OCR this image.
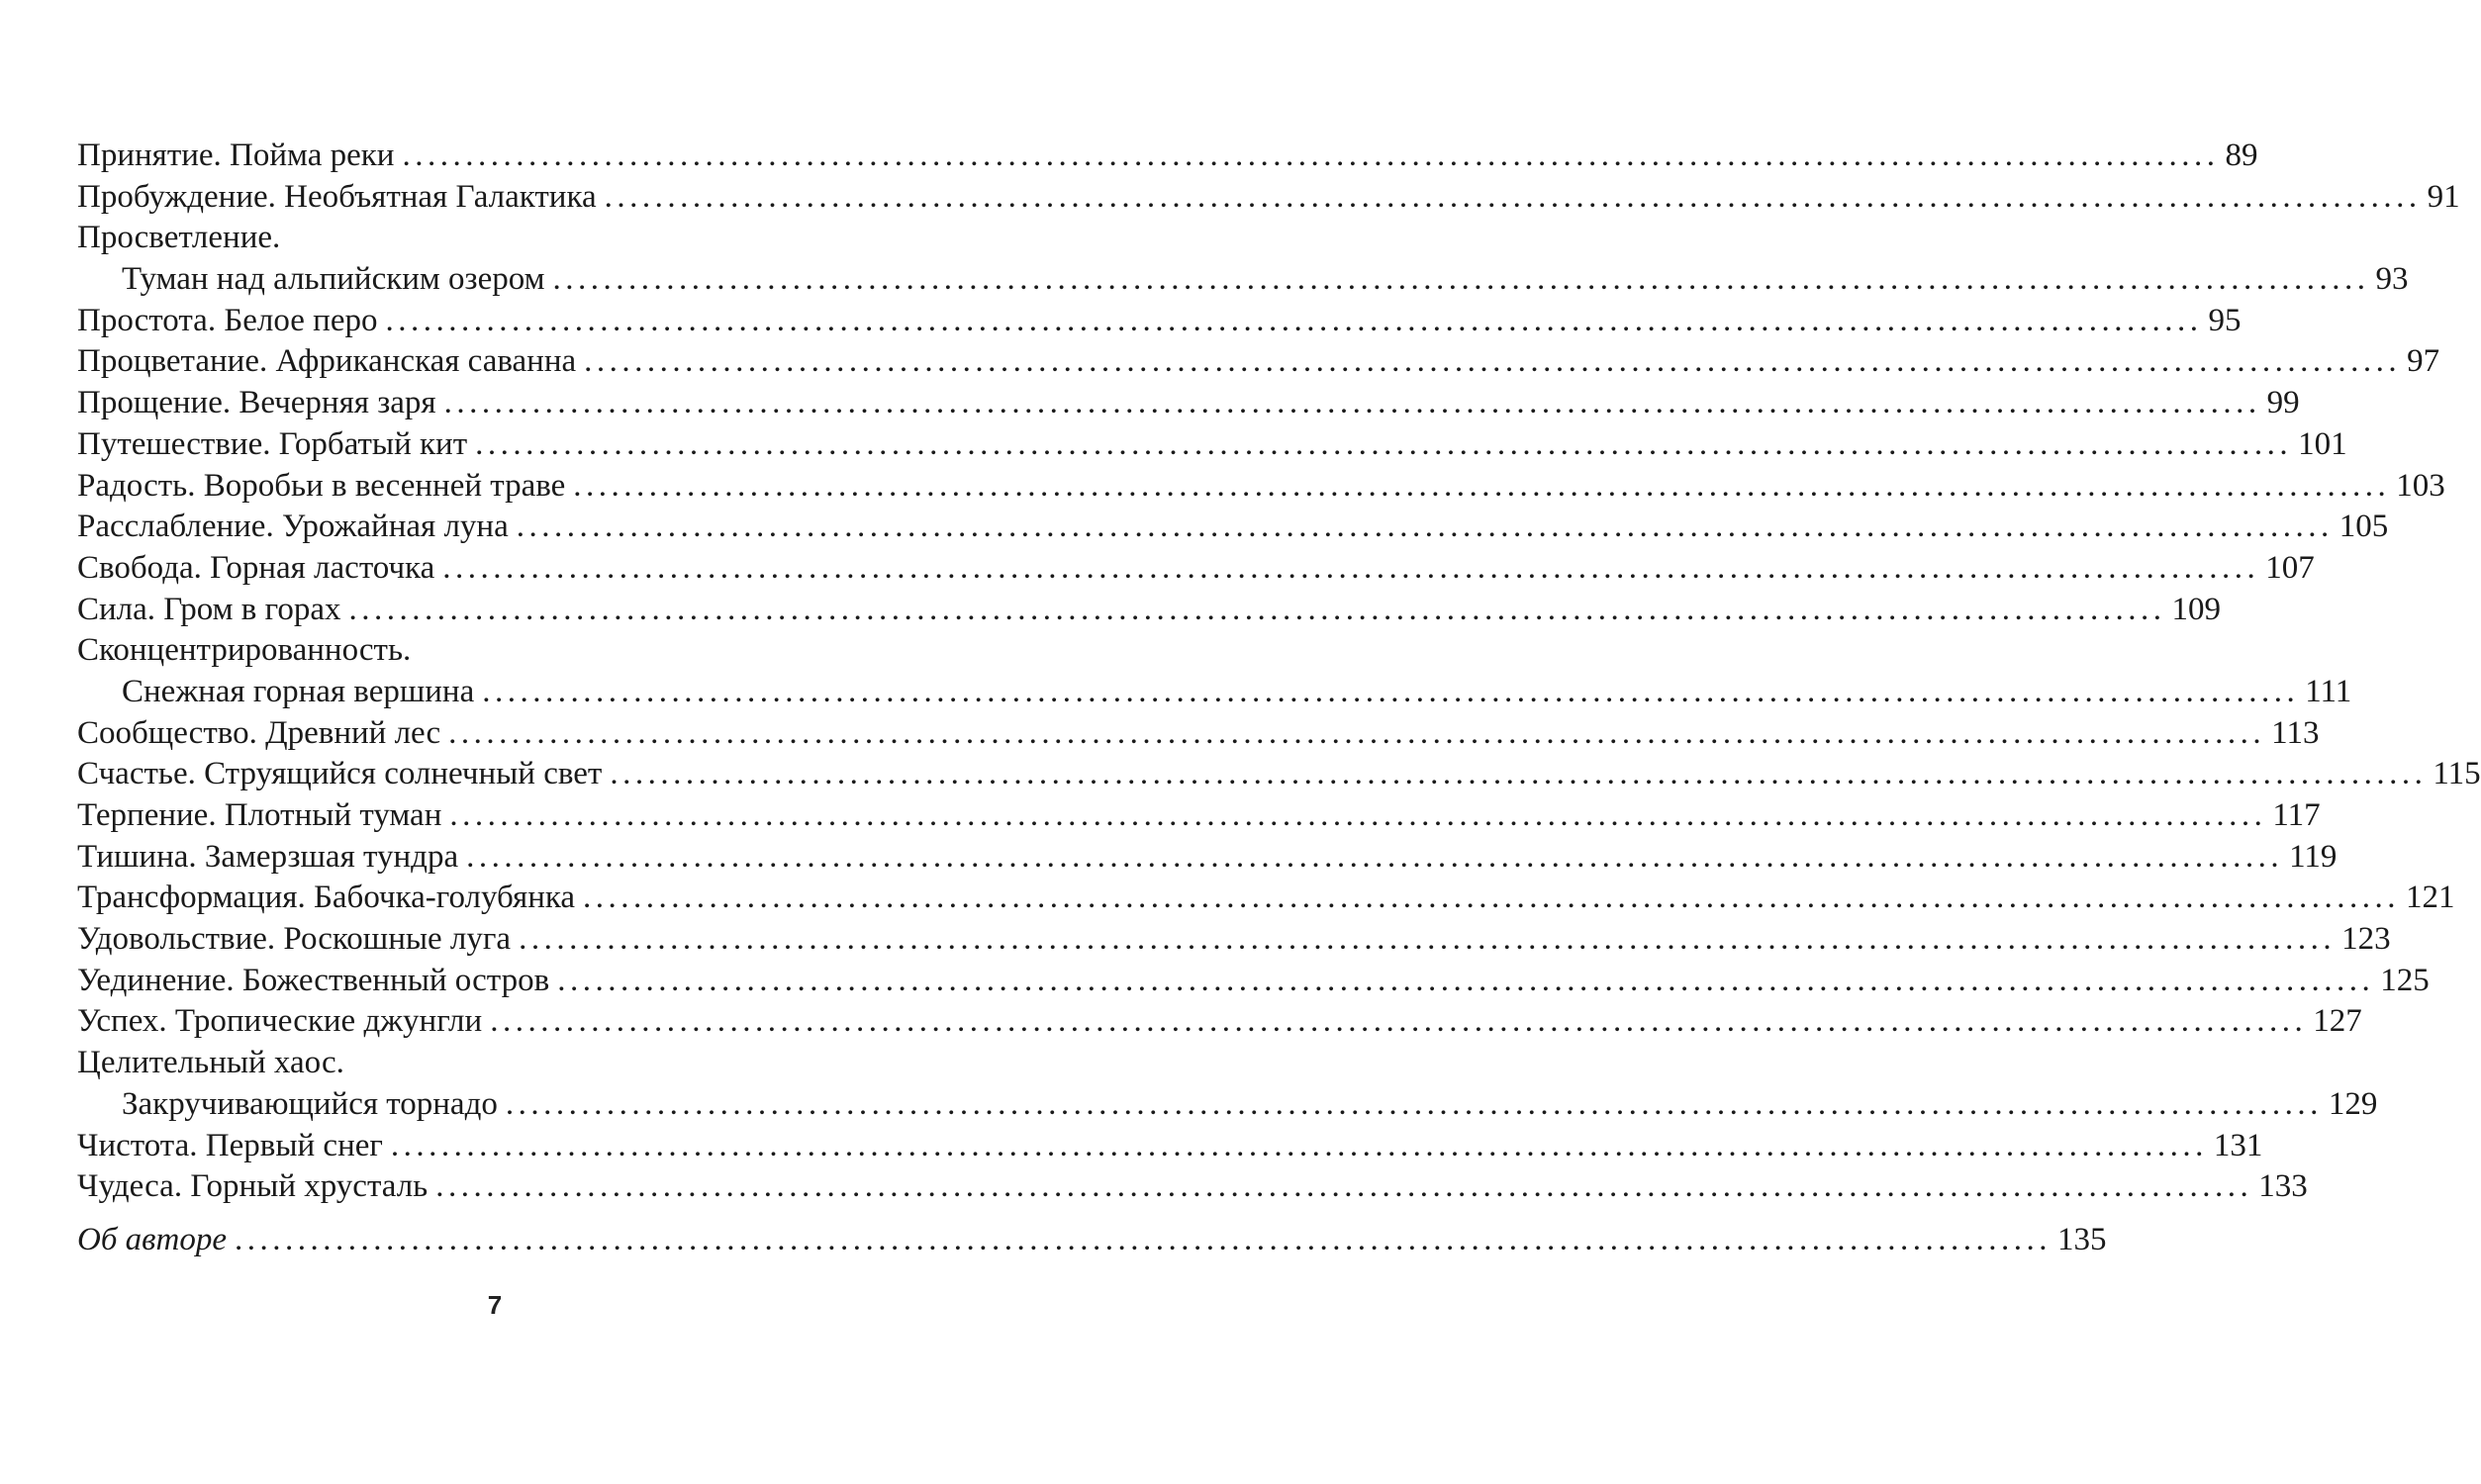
Принятие. Пойма реки ................................................................................................................................................ 89
Пробуждение. Необъятная Галактика ................................................................................................................................................ 91
Просветление.
Туман над альпийским озером ................................................................................................................................................ 93
Простота. Белое перо ................................................................................................................................................ 95
Процветание. Африканская саванна ................................................................................................................................................ 97
Прощение. Вечерняя заря ................................................................................................................................................ 99
Путешествие. Горбатый кит ................................................................................................................................................ 101
Радость. Воробьи в весенней траве ................................................................................................................................................ 103
Расслабление. Урожайная луна ................................................................................................................................................ 105
Свобода. Горная ласточка ................................................................................................................................................ 107
Сила. Гром в горах ................................................................................................................................................ 109
Сконцентрированность.
Снежная горная вершина ................................................................................................................................................ 111
Сообщество. Древний лес ................................................................................................................................................ 113
Счастье. Струящийся солнечный свет ................................................................................................................................................ 115
Терпение. Плотный туман ................................................................................................................................................ 117
Тишина. Замерзшая тундра ................................................................................................................................................ 119
Трансформация. Бабочка-голубянка ................................................................................................................................................ 121
Удовольствие. Роскошные луга ................................................................................................................................................ 123
Уединение. Божественный остров ................................................................................................................................................ 125
Успех. Тропические джунгли ................................................................................................................................................ 127
Целительный хаос.
Закручивающийся торнадо ................................................................................................................................................ 129
Чистота. Первый снег ................................................................................................................................................ 131
Чудеса. Горный хрусталь ................................................................................................................................................ 133
Об авторе ................................................................................................................................................ 135
7
